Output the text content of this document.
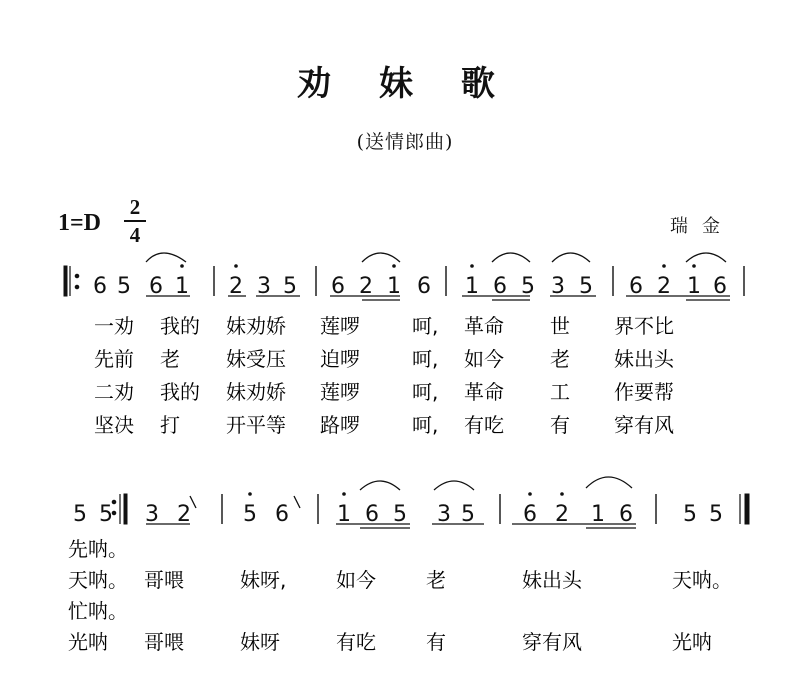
劝 妹 歌
(送情郎曲)
1=D
2
4	瑞金
6 5 6 1 2 3 5 6 2 1 6 1 6 5 3 5 6 2 1 6
5 5 3 2 5 6 1 6 5 3 5 6 2 1 6 5 5
一劝 我的 妹劝娇 莲啰	呵, 革命 世 界不比
先前 老 妹受压 迫啰	呵, 如今 老 妹出头
二劝 我的 妹劝娇 莲啰	呵, 革命 工 作要帮
坚决 打 开平等 路啰	呵, 有吃 有 穿有风
先呐。
天呐。 哥喂	妹呀, 如今	老	妹出头	天呐。
忙呐。
光呐 哥喂	妹呀	有吃	有	穿有风	光呐
